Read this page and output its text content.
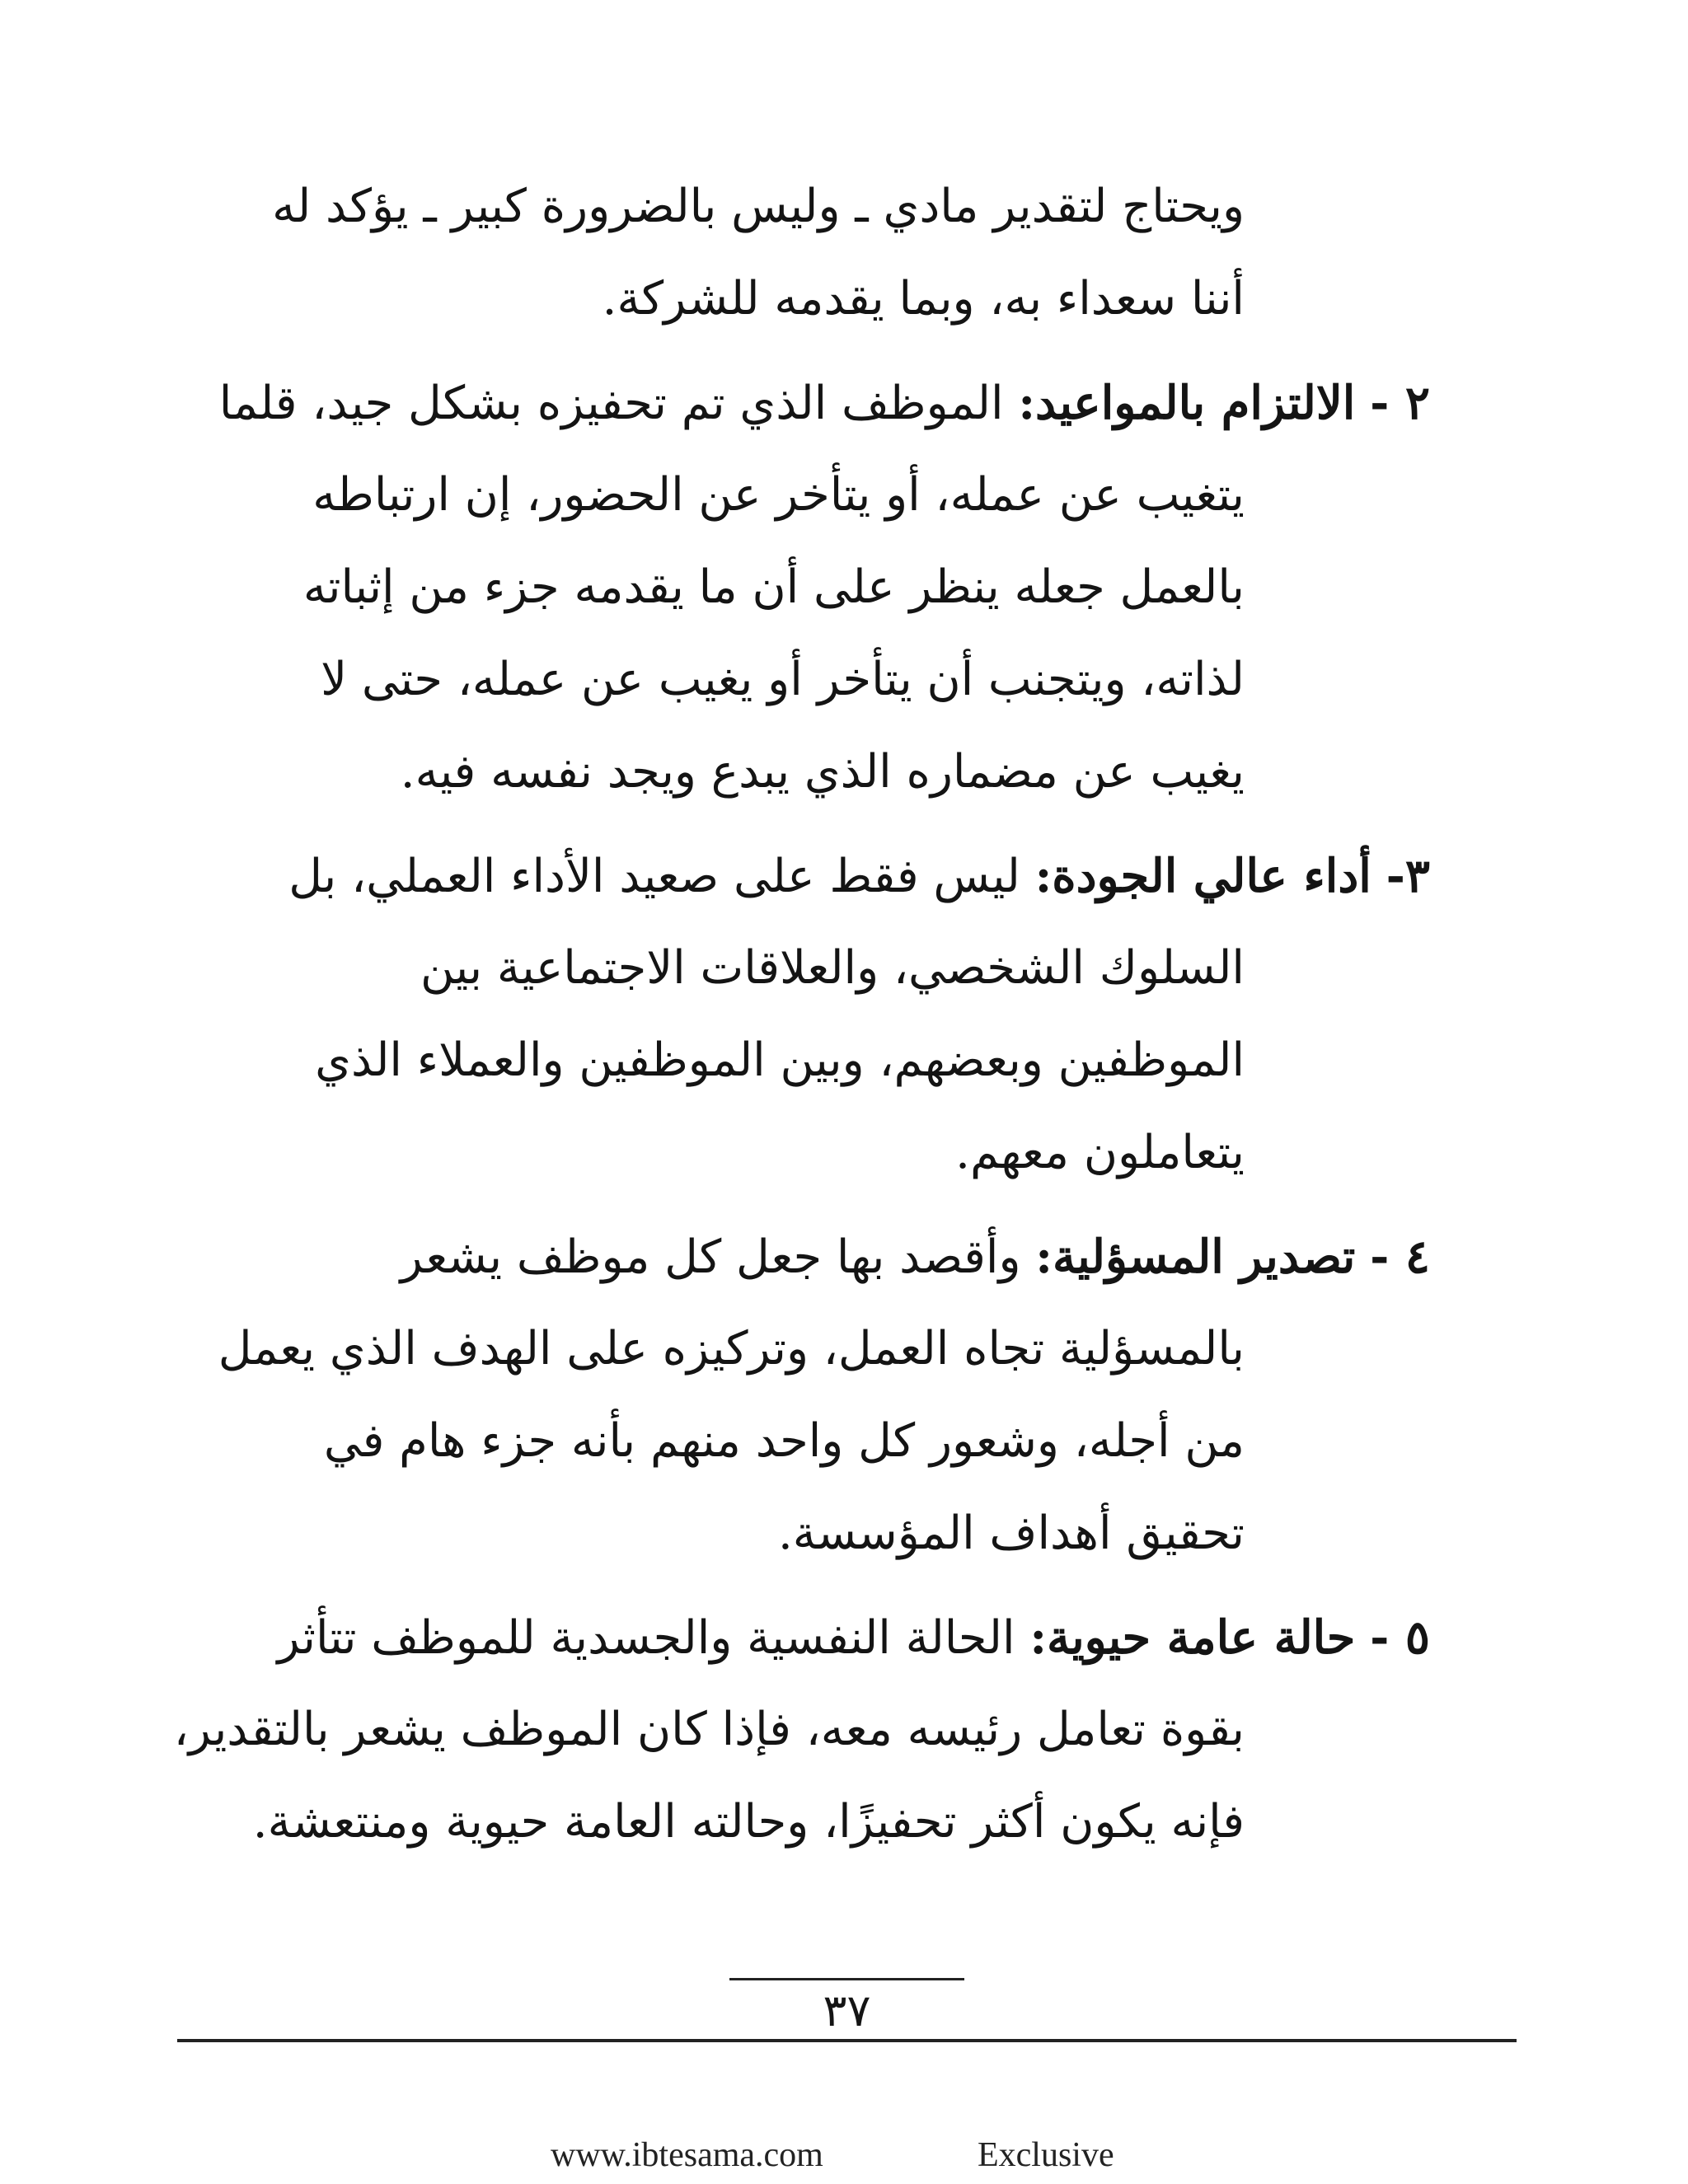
ويحتاج لتقدير مادي ـ وليس بالضرورة كبير ـ يؤكد له
أننا سعداء به، وبما يقدمه للشركة.
٢ - الالتزام بالمواعيد: الموظف الذي تم تحفيزه بشكل جيد، قلما
يتغيب عن عمله، أو يتأخر عن الحضور، إن ارتباطه
بالعمل جعله ينظر على أن ما يقدمه جزء من إثباته
لذاته، ويتجنب أن يتأخر أو يغيب عن عمله، حتى لا
يغيب عن مضماره الذي يبدع ويجد نفسه فيه.
٣- أداء عالي الجودة: ليس فقط على صعيد الأداء العملي، بل
السلوك الشخصي، والعلاقات الاجتماعية بين
الموظفين وبعضهم، وبين الموظفين والعملاء الذي
يتعاملون معهم.
٤ - تصدير المسؤلية: وأقصد بها جعل كل موظف يشعر
بالمسؤلية تجاه العمل، وتركيزه على الهدف الذي يعمل
من أجله، وشعور كل واحد منهم بأنه جزء هام في
تحقيق أهداف المؤسسة.
٥ - حالة عامة حيوية: الحالة النفسية والجسدية للموظف تتأثر
بقوة تعامل رئيسه معه، فإذا كان الموظف يشعر بالتقدير،
فإنه يكون أكثر تحفيزًا، وحالته العامة حيوية ومنتعشة.
٣٧
www.ibtesama.com	Exclusive
